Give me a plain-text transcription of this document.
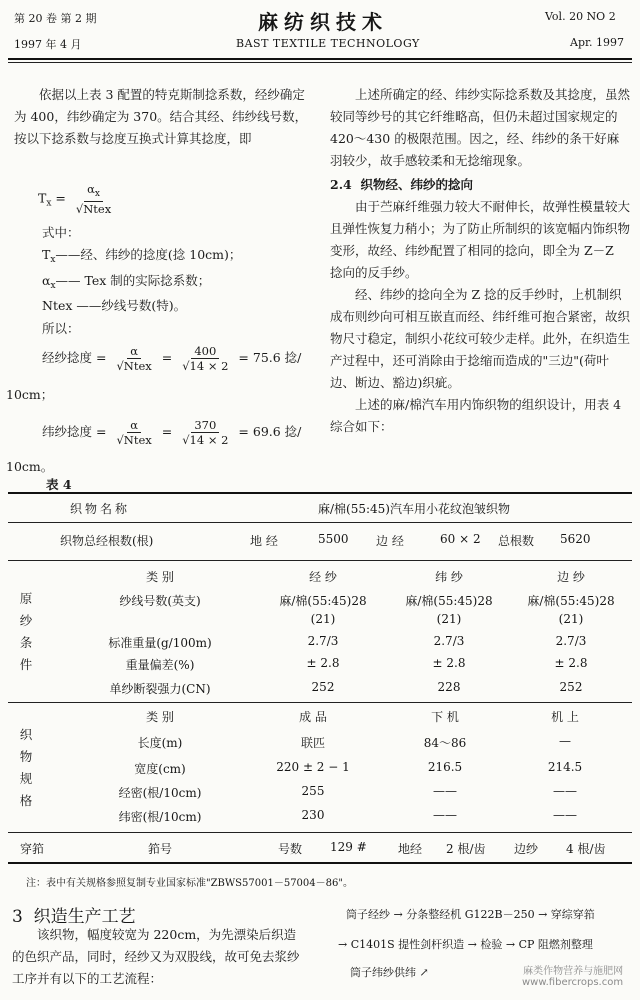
第 20 卷 第 2 期
1997 年 4 月
麻纺织技术
BAST TEXTILE TECHNOLOGY
Vol. 20 NO 2
Apr. 1997

依据以上表 3 配置的特克斯制捻系数，经纱确定为 400，纬纱确定为 370。结合其经、纬纱线号数，按以下捻系数与捻度互换式计算其捻度，即

$T_x = \frac{\alpha_x}{\text{√Ntex}}$
式中：
$T_x——$经、纬纱的捻度(捻 10cm)；
$\alpha_x——$ Tex 制的实际捻系数；
Ntex ——纱线号数(特)。
所以：
经纱捻度 = $\frac{\alpha}{\text{√Ntex}} = \frac{400}{√14 \times 2} = 75.6$ 捻/
10cm；
纬纱捻度 = $\frac{\alpha}{\text{√Ntex}} = \frac{370}{√14 \times 2} = 69.6$ 捻/
10cm。
表 4

上述所确定的经、纬纱实际捻系数及其捻度，虽然较同等纱号的其它纤维略高，但仍未超过国家规定的 420～430 的极限范围。因之，经、纬纱的条干好麻羽较少，故手感较柔和无捻缩现象。

2.4 织物经、纬纱的捻向

由于苎麻纤维强力较大不耐伸长，故弹性模量较大且弹性恢复力稍小；为了防止所制织的该宽幅内饰织物变形，故经、纬纱配置了相同的捻向，即全为 Z－Z 捻向的反手纱。

经、纬纱的捻向全为 Z 捻的反手纱时，上机制织成布则纱向可相互嵌直而经、纬纤维可抱合紧密，故织物尺寸稳定，制织小花纹可较少走样。此外，在织造生产过程中，还可消除由于捻缩而造成的"三边"(荷叶边、断边、豁边)织疵。

上述的麻/棉汽车用内饰织物的组织设计，用表 4 综合如下：

织物名称	麻/棉(55:45)汽车用小花纹泡皱织物
织物总经根数(根)	地 经	5500 边 经	60 × 2 总根数 5620
原纱条件
类 别	经 纱	纬 纱	边 纱
纱线号数(英支)	麻/棉(55:45)28	麻/棉(55:45)28	麻/棉(55:45)28
(21)	(21)	(21)
标准重量(g/100m)	2.7/3	2.7/3	2.7/3
重量偏差(%)	± 2.8	± 2.8	± 2.8
单纱断裂强力(CN)	252	228	252
织物规格
类 别	成 品	下 机	机 上
长度(m)	联匹	84～86	—
宽度(cm)	220 ± 2 − 1	216.5	214.5
经密(根/10cm)	255	——	——
纬密(根/10cm)	230	——	——
穿筘	筘号	号数 129 #	地经 2 根/齿 边纱 4 根/齿
注：表中有关规格参照复制专业国家标准"ZBWS57001－57004－86"。
3 织造生产工艺

该织物，幅度较宽为 220cm，为先漂染后织造的色织产品，同时，经纱又为双股线，故可免去浆纱工序并有以下的工艺流程：

筒子经纱 → 分条整经机 G122B－250 → 穿综穿筘
→ C1401S 提性剑杆织造 → 检验 → CP 阻燃剂整理
筒子纬纱供纬 ↗	麻类作物营养与施肥网
www.fibercrops.com
